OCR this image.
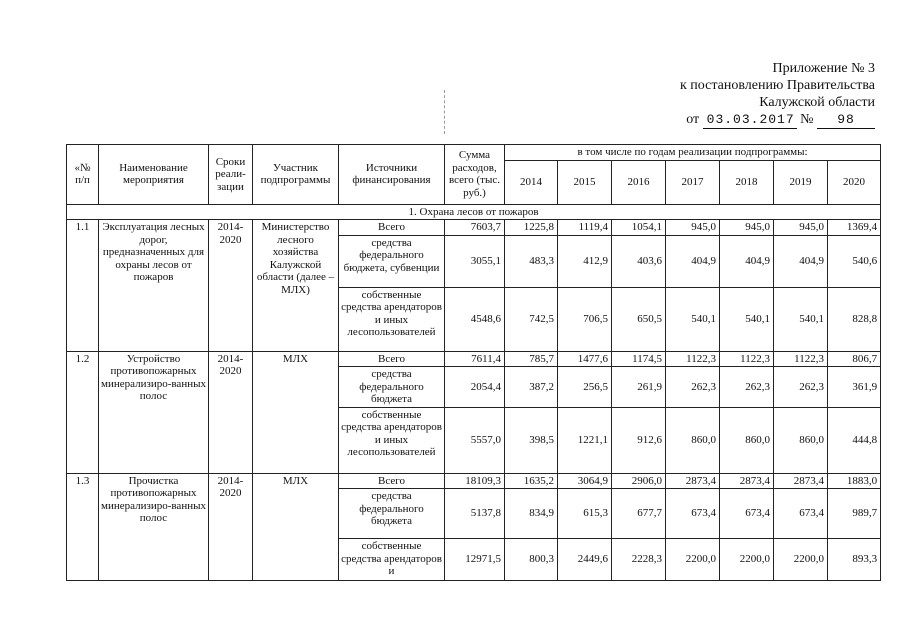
Приложение № 3
к постановлению Правительства
Калужской области
от 03.03.2017 № 98
«№ п/п	Наименование мероприятия	Сроки реали-зации	Участник подпрограммы	Источники финансирования	Сумма расходов, всего (тыс. руб.)	в том числе по годам реализации подпрограммы:						
						2014	2015	2016	2017	2018	2019	2020
1. Охрана лесов от пожаров												
1.1	Эксплуатация лесных дорог, предназначенных для охраны лесов от пожаров	2014-2020	Министерство лесного хозяйства Калужской области (далее – МЛХ)	Всего	7603,7	1225,8	1119,4	1054,1	945,0	945,0	945,0	1369,4
				средства федерального бюджета, субвенции	3055,1	483,3	412,9	403,6	404,9	404,9	404,9	540,6
				собственные средства арендаторов и иных лесопользователей	4548,6	742,5	706,5	650,5	540,1	540,1	540,1	828,8
1.2	Устройство противопожарных минерализиро-ванных полос	2014-2020	МЛХ	Всего	7611,4	785,7	1477,6	1174,5	1122,3	1122,3	1122,3	806,7
				средства федерального бюджета	2054,4	387,2	256,5	261,9	262,3	262,3	262,3	361,9
				собственные средства арендаторов и иных лесопользователей	5557,0	398,5	1221,1	912,6	860,0	860,0	860,0	444,8
1.3	Прочистка противопожарных минерализиро-ванных полос	2014-2020	МЛХ	Всего	18109,3	1635,2	3064,9	2906,0	2873,4	2873,4	2873,4	1883,0
				средства федерального бюджета	5137,8	834,9	615,3	677,7	673,4	673,4	673,4	989,7
				собственные средства арендаторов и	12971,5	800,3	2449,6	2228,3	2200,0	2200,0	2200,0	893,3
